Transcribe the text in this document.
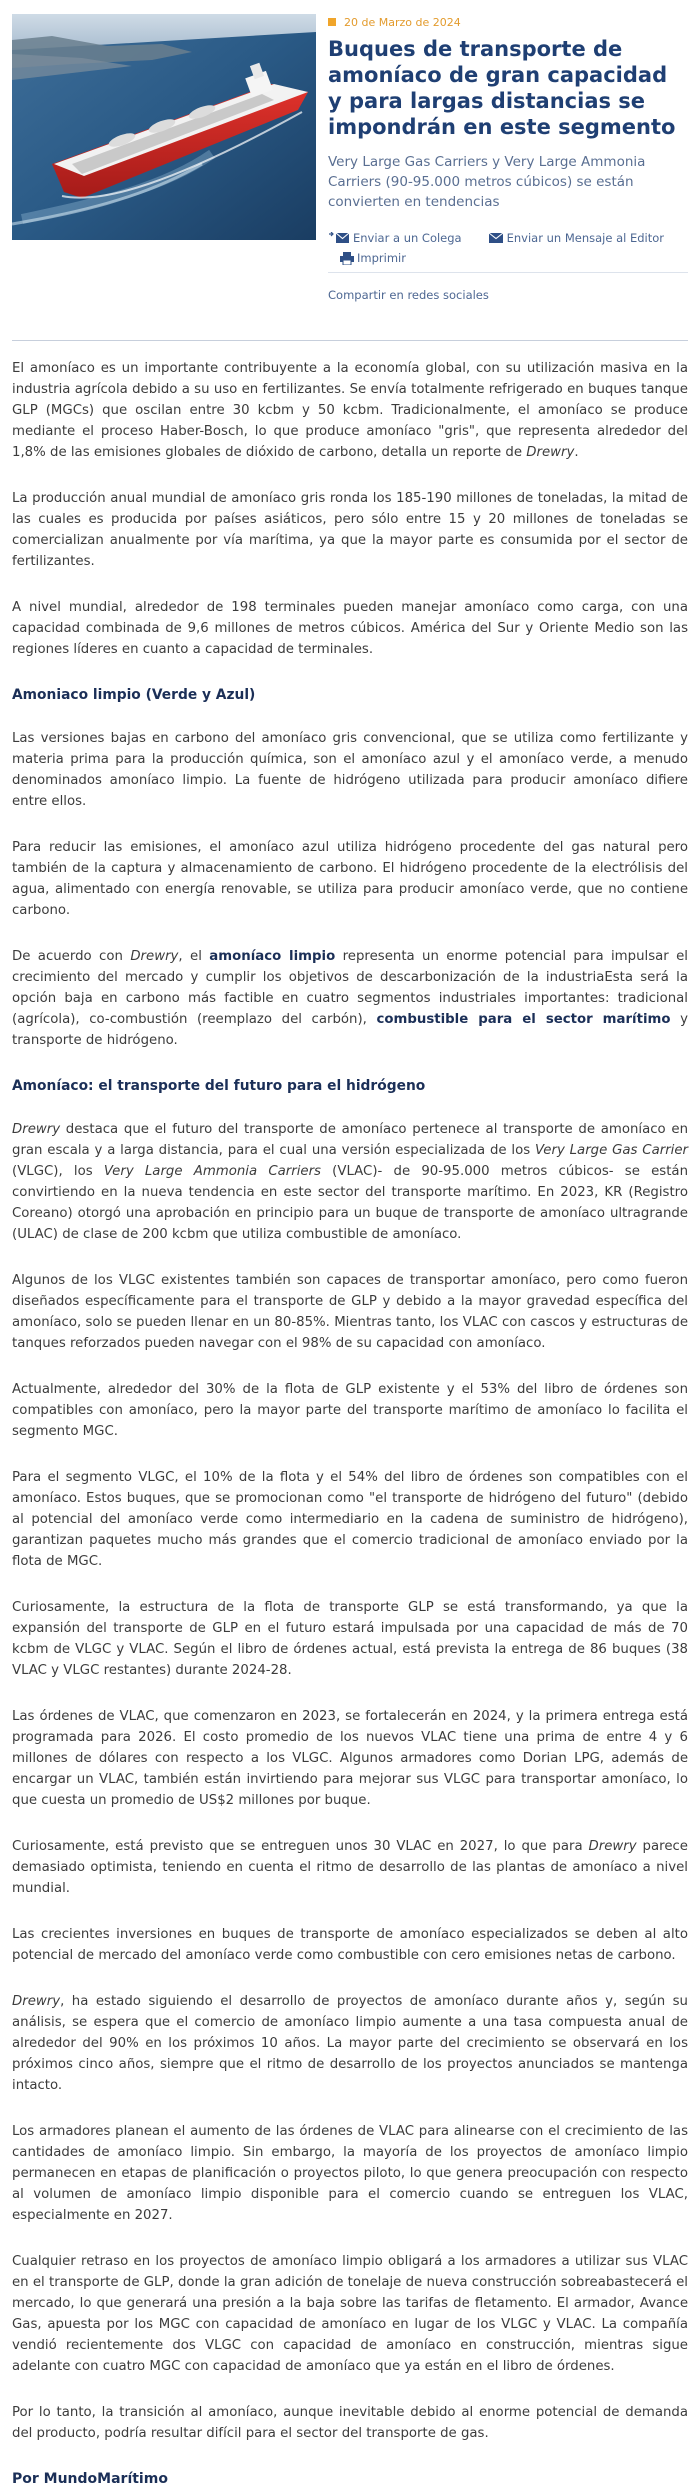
20 de Marzo de 2024
Buques de transporte de amoníaco de gran capacidad y para largas distancias se impondrán en este segmento

Very Large Gas Carriers y Very Large Ammonia Carriers (90-95.000 metros cúbicos) se están convierten en tendencias

Enviar a un Colega	Enviar un Mensaje al Editor
Imprimir
Compartir en redes sociales

El amoníaco es un importante contribuyente a la economía global, con su utilización masiva en la industria agrícola debido a su uso en fertilizantes. Se envía totalmente refrigerado en buques tanque GLP (MGCs) que oscilan entre 30 kcbm y 50 kcbm. Tradicionalmente, el amoníaco se produce mediante el proceso Haber-Bosch, lo que produce amoníaco "gris", que representa alrededor del 1,8% de las emisiones globales de dióxido de carbono, detalla un reporte de Drewry.

La producción anual mundial de amoníaco gris ronda los 185-190 millones de toneladas, la mitad de las cuales es producida por países asiáticos, pero sólo entre 15 y 20 millones de toneladas se comercializan anualmente por vía marítima, ya que la mayor parte es consumida por el sector de fertilizantes.

A nivel mundial, alrededor de 198 terminales pueden manejar amoníaco como carga, con una capacidad combinada de 9,6 millones de metros cúbicos. América del Sur y Oriente Medio son las regiones líderes en cuanto a capacidad de terminales.

Amoniaco limpio (Verde y Azul)

Las versiones bajas en carbono del amoníaco gris convencional, que se utiliza como fertilizante y materia prima para la producción química, son el amoníaco azul y el amoníaco verde, a menudo denominados amoníaco limpio. La fuente de hidrógeno utilizada para producir amoníaco difiere entre ellos.

Para reducir las emisiones, el amoníaco azul utiliza hidrógeno procedente del gas natural pero también de la captura y almacenamiento de carbono. El hidrógeno procedente de la electrólisis del agua, alimentado con energía renovable, se utiliza para producir amoníaco verde, que no contiene carbono.

De acuerdo con Drewry, el amoníaco limpio representa un enorme potencial para impulsar el crecimiento del mercado y cumplir los objetivos de descarbonización de la industriaEsta será la opción baja en carbono más factible en cuatro segmentos industriales importantes: tradicional (agrícola), co-combustión (reemplazo del carbón), combustible para el sector marítimo y transporte de hidrógeno.

Amoníaco: el transporte del futuro para el hidrógeno

Drewry destaca que el futuro del transporte de amoníaco pertenece al transporte de amoníaco en gran escala y a larga distancia, para el cual una versión especializada de los Very Large Gas Carrier (VLGC), los Very Large Ammonia Carriers (VLAC)- de 90-95.000 metros cúbicos- se están convirtiendo en la nueva tendencia en este sector del transporte marítimo. En 2023, KR (Registro Coreano) otorgó una aprobación en principio para un buque de transporte de amoníaco ultragrande (ULAC) de clase de 200 kcbm que utiliza combustible de amoníaco.

Algunos de los VLGC existentes también son capaces de transportar amoníaco, pero como fueron diseñados específicamente para el transporte de GLP y debido a la mayor gravedad específica del amoníaco, solo se pueden llenar en un 80-85%. Mientras tanto, los VLAC con cascos y estructuras de tanques reforzados pueden navegar con el 98% de su capacidad con amoníaco.

Actualmente, alrededor del 30% de la flota de GLP existente y el 53% del libro de órdenes son compatibles con amoníaco, pero la mayor parte del transporte marítimo de amoníaco lo facilita el segmento MGC.

Para el segmento VLGC, el 10% de la flota y el 54% del libro de órdenes son compatibles con el amoníaco. Estos buques, que se promocionan como "el transporte de hidrógeno del futuro" (debido al potencial del amoníaco verde como intermediario en la cadena de suministro de hidrógeno), garantizan paquetes mucho más grandes que el comercio tradicional de amoníaco enviado por la flota de MGC.

Curiosamente, la estructura de la flota de transporte GLP se está transformando, ya que la expansión del transporte de GLP en el futuro estará impulsada por una capacidad de más de 70 kcbm de VLGC y VLAC. Según el libro de órdenes actual, está prevista la entrega de 86 buques (38 VLAC y VLGC restantes) durante 2024-28.

Las órdenes de VLAC, que comenzaron en 2023, se fortalecerán en 2024, y la primera entrega está programada para 2026. El costo promedio de los nuevos VLAC tiene una prima de entre 4 y 6 millones de dólares con respecto a los VLGC. Algunos armadores como Dorian LPG, además de encargar un VLAC, también están invirtiendo para mejorar sus VLGC para transportar amoníaco, lo que cuesta un promedio de US$2 millones por buque.

Curiosamente, está previsto que se entreguen unos 30 VLAC en 2027, lo que para Drewry parece demasiado optimista, teniendo en cuenta el ritmo de desarrollo de las plantas de amoníaco a nivel mundial.

Las crecientes inversiones en buques de transporte de amoníaco especializados se deben al alto potencial de mercado del amoníaco verde como combustible con cero emisiones netas de carbono.

Drewry, ha estado siguiendo el desarrollo de proyectos de amoníaco durante años y, según su análisis, se espera que el comercio de amoníaco limpio aumente a una tasa compuesta anual de alrededor del 90% en los próximos 10 años. La mayor parte del crecimiento se observará en los próximos cinco años, siempre que el ritmo de desarrollo de los proyectos anunciados se mantenga intacto.

Los armadores planean el aumento de las órdenes de VLAC para alinearse con el crecimiento de las cantidades de amoníaco limpio. Sin embargo, la mayoría de los proyectos de amoníaco limpio permanecen en etapas de planificación o proyectos piloto, lo que genera preocupación con respecto al volumen de amoníaco limpio disponible para el comercio cuando se entreguen los VLAC, especialmente en 2027.

Cualquier retraso en los proyectos de amoníaco limpio obligará a los armadores a utilizar sus VLAC en el transporte de GLP, donde la gran adición de tonelaje de nueva construcción sobreabastecerá el mercado, lo que generará una presión a la baja sobre las tarifas de fletamento. El armador, Avance Gas, apuesta por los MGC con capacidad de amoníaco en lugar de los VLGC y VLAC. La compañía vendió recientemente dos VLGC con capacidad de amoníaco en construcción, mientras sigue adelante con cuatro MGC con capacidad de amoníaco que ya están en el libro de órdenes.

Por lo tanto, la transición al amoníaco, aunque inevitable debido al enorme potencial de demanda del producto, podría resultar difícil para el sector del transporte de gas.

Por MundoMarítimo
